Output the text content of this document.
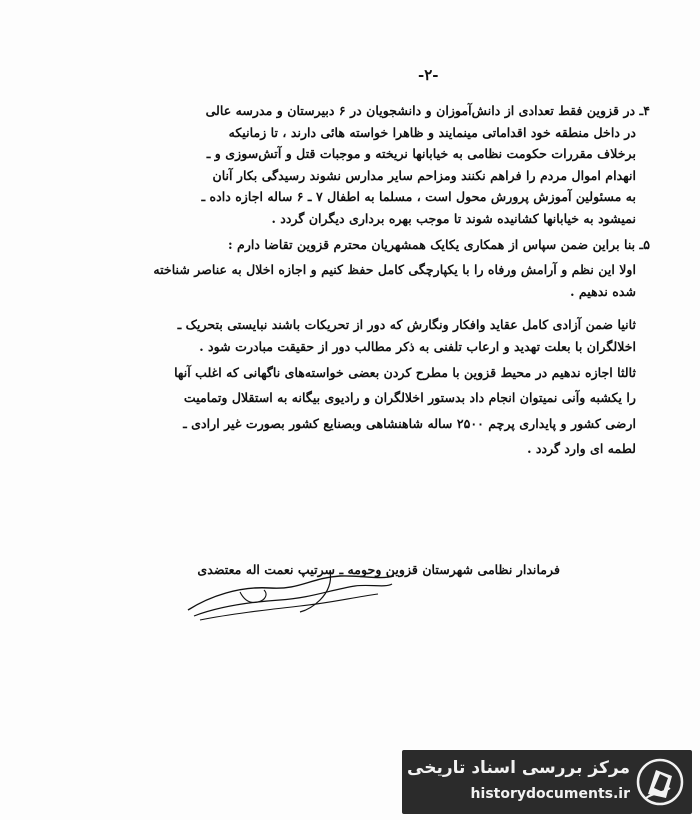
-۲-
۴ـ در قزوین فقط تعدادی از دانش‌آموزان و دانشجویان در ۶ دبیرستان و مدرسه عالی
در داخل منطقه خود اقداماتی مینمایند و ظاهرا خواسته هائی دارند ، تا زمانیکه
برخلاف مقررات حکومت نظامی به خیابانها نریخته و موجبات قتل و آتش‌سوزی و ـ
انهدام اموال مردم را فراهم نکنند ومزاحم سایر مدارس نشوند رسیدگی بکار آنان
به مسئولین آموزش پرورش محول است ، مسلما به اطفال ۷ ـ ۶ ساله اجازه داده ـ
نمیشود به خیابانها کشانیده شوند تا موجب بهره برداری دیگران گردد .
۵ـ بنا براین ضمن سپاس از همکاری یکایک همشهریان محترم قزوین تقاضا دارم :
اولا این نظم و آرامش ورفاه را با یکپارچگی کامل حفظ کنیم و اجازه اخلال به عناصر شناخته
شده ندهیم .
ثانیا ضمن آزادی کامل عقاید وافکار ونگارش که دور از تحریکات باشند نبایستی بتحریک ـ
اخلالگران با بعلت تهدید و ارعاب تلفنی به ذکر مطالب دور از حقیقت مبادرت شود .
ثالثا اجازه ندهیم در محیط قزوین با مطرح کردن بعضی خواسته‌های ناگهانی که اغلب آنها
را یکشبه وآنی نمیتوان انجام داد بدستور اخلالگران و رادیوی بیگانه به استقلال وتمامیت
ارضی کشور و پایداری پرچم ۲۵۰۰ ساله شاهنشاهی وبصنایع کشور بصورت غیر ارادی ـ
لطمه ای وارد گردد .
فرماندار نظامی شهرستان قزوین وحومه ـ سرتیپ نعمت اله معتضدی
مرکز بررسی اسناد تاریخی
historydocuments.ir
